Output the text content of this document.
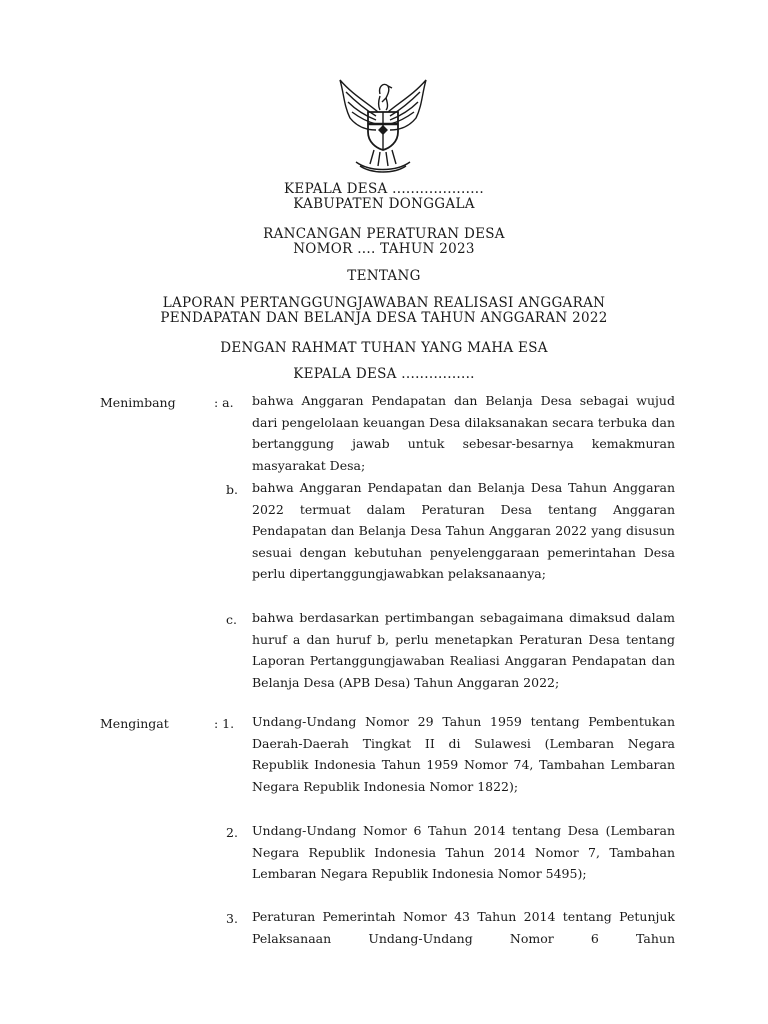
KEPALA DESA ....................
KABUPATEN DONGGALA
RANCANGAN PERATURAN DESA
NOMOR .... TAHUN 2023
TENTANG
LAPORAN PERTANGGUNGJAWABAN REALISASI ANGGARAN
PENDAPATAN DAN BELANJA DESA TAHUN ANGGARAN 2022
DENGAN RAHMAT TUHAN YANG MAHA ESA
KEPALA DESA ................
Menimbang	: a. bahwa Anggaran Pendapatan dan Belanja Desa sebagai wujud dari pengelolaan keuangan Desa dilaksanakan secara terbuka dan bertanggung jawab untuk sebesar-besarnya kemakmuran masyarakat Desa;

b. bahwa Anggaran Pendapatan dan Belanja Desa Tahun Anggaran 2022 termuat dalam Peraturan Desa tentang Anggaran Pendapatan dan Belanja Desa Tahun Anggaran 2022 yang disusun sesuai dengan kebutuhan penyelenggaraan pemerintahan Desa perlu dipertanggungjawabkan pelaksanaanya;

c. bahwa berdasarkan pertimbangan sebagaimana dimaksud dalam huruf a dan huruf b, perlu menetapkan Peraturan Desa tentang Laporan Pertanggungjawaban Realiasi Anggaran Pendapatan dan Belanja Desa (APB Desa) Tahun Anggaran 2022;

Mengingat	: 1. Undang-Undang Nomor 29 Tahun 1959 tentang Pembentukan Daerah-Daerah Tingkat II di Sulawesi (Lembaran Negara Republik Indonesia Tahun 1959 Nomor 74, Tambahan Lembaran Negara Republik Indonesia Nomor 1822);

2. Undang-Undang Nomor 6 Tahun 2014 tentang Desa (Lembaran Negara Republik Indonesia Tahun 2014 Nomor 7, Tambahan Lembaran Negara Republik Indonesia Nomor 5495);

3. Peraturan Pemerintah Nomor 43 Tahun 2014 tentang Petunjuk Pelaksanaan Undang-Undang Nomor 6 Tahun
